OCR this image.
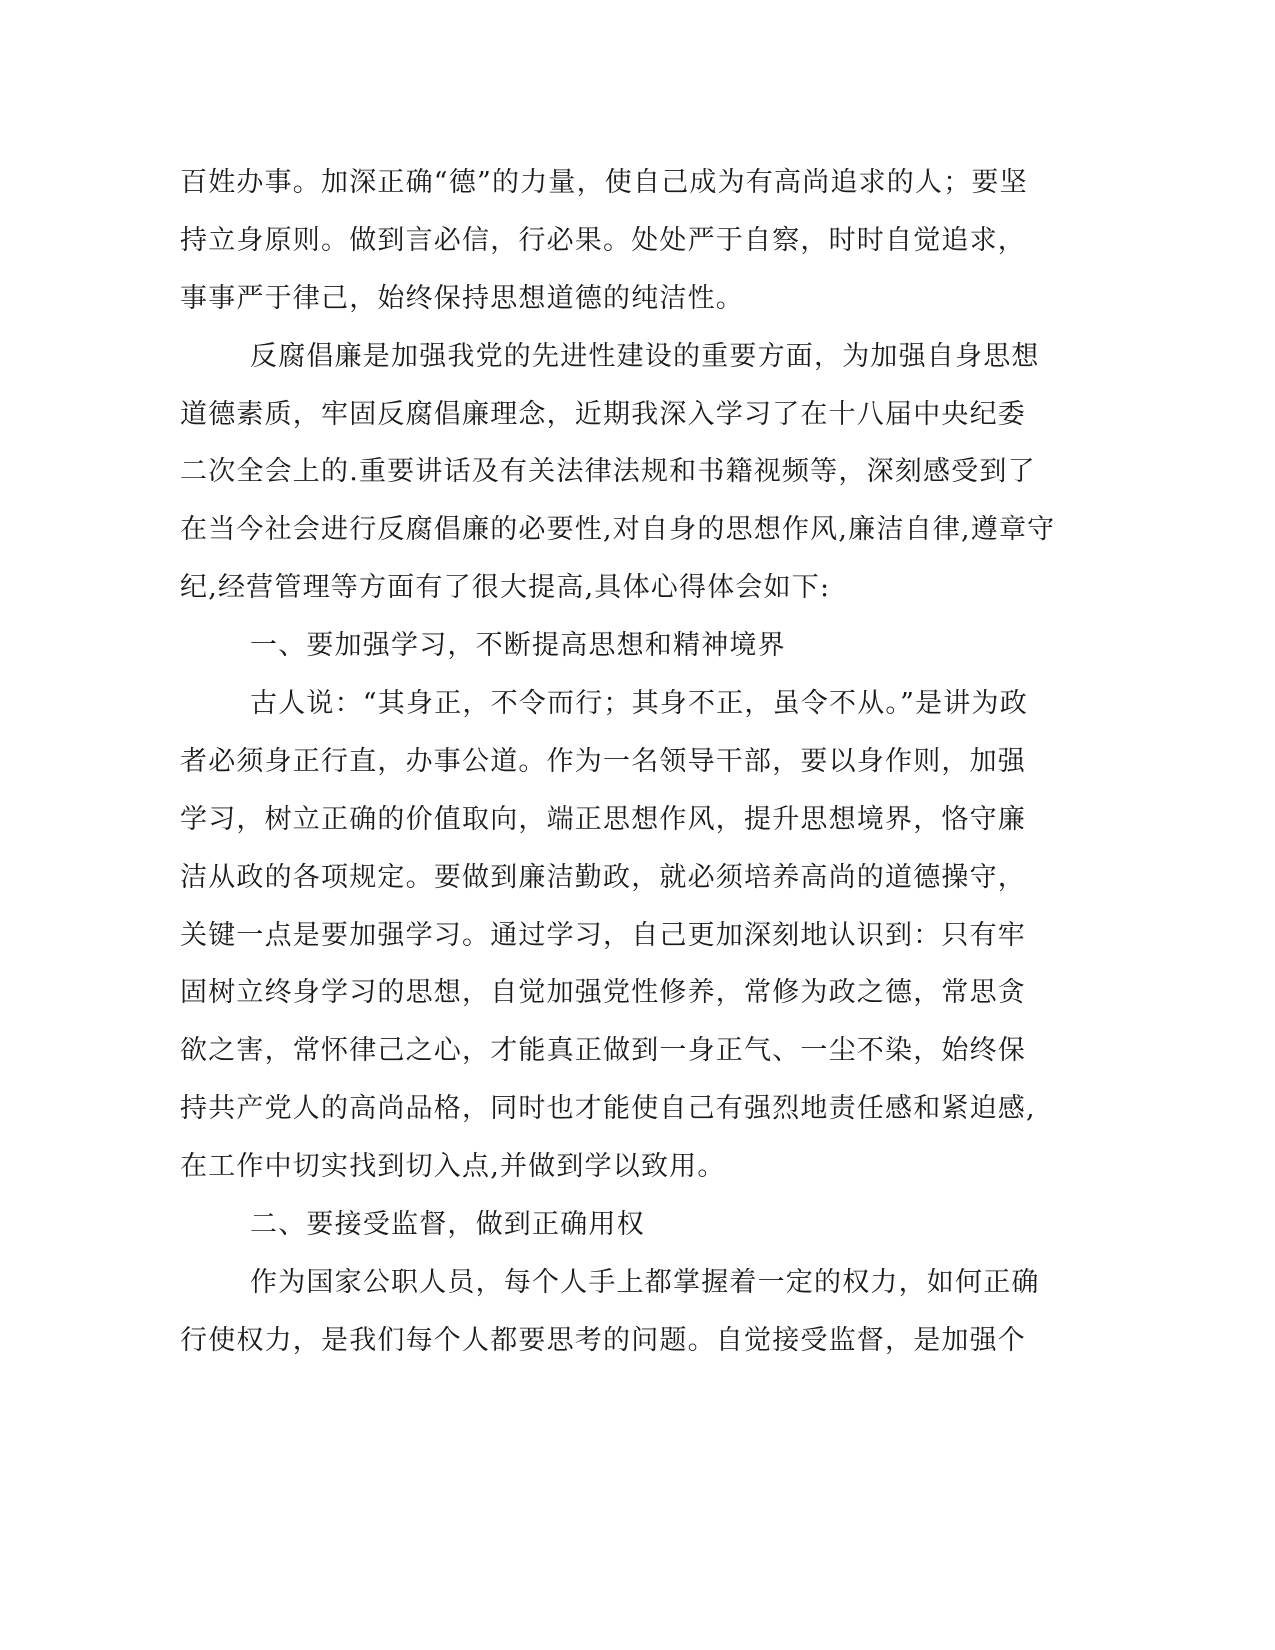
百姓办事。加深正确“德”的力量，使自己成为有高尚追求的人；要坚
持立身原则。做到言必信，行必果。处处严于自察，时时自觉追求，
事事严于律己，始终保持思想道德的纯洁性。
反腐倡廉是加强我党的先进性建设的重要方面，为加强自身思想
道德素质，牢固反腐倡廉理念，近期我深入学习了在十八届中央纪委
二次全会上的.重要讲话及有关法律法规和书籍视频等，深刻感受到了
在当今社会进行反腐倡廉的必要性,对自身的思想作风,廉洁自律,遵章守
纪,经营管理等方面有了很大提高,具体心得体会如下:
一、要加强学习，不断提高思想和精神境界
古人说：“其身正，不令而行；其身不正，虽令不从。”是讲为政
者必须身正行直，办事公道。作为一名领导干部，要以身作则，加强
学习，树立正确的价值取向，端正思想作风，提升思想境界，恪守廉
洁从政的各项规定。要做到廉洁勤政，就必须培养高尚的道德操守，
关键一点是要加强学习。通过学习，自己更加深刻地认识到：只有牢
固树立终身学习的思想，自觉加强党性修养，常修为政之德，常思贪
欲之害，常怀律己之心，才能真正做到一身正气、一尘不染，始终保
持共产党人的高尚品格，同时也才能使自己有强烈地责任感和紧迫感,
在工作中切实找到切入点,并做到学以致用。
二、要接受监督，做到正确用权
作为国家公职人员，每个人手上都掌握着一定的权力，如何正确
行使权力，是我们每个人都要思考的问题。自觉接受监督，是加强个
